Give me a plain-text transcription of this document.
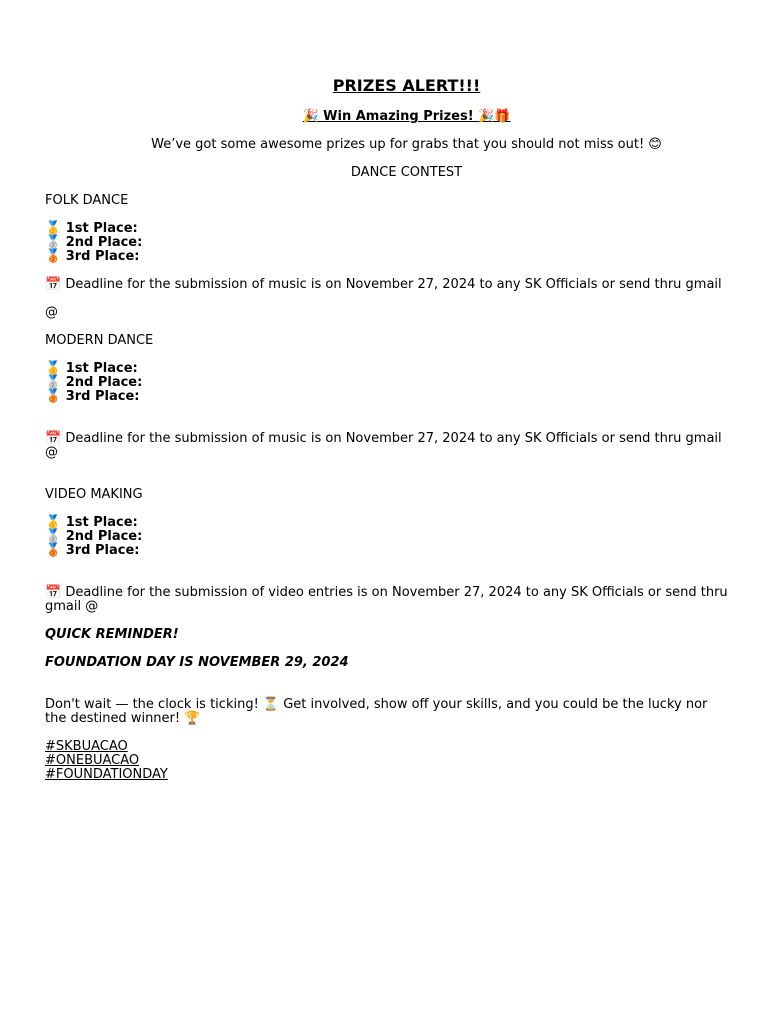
PRIZES ALERT!!!
🎉 Win Amazing Prizes! 🎉🎁
We’ve got some awesome prizes up for grabs that you should not miss out! 😊
DANCE CONTEST
FOLK DANCE
🥇 1st Place:
🥈 2nd Place:
🥉 3rd Place:
📅 Deadline for the submission of music is on November 27, 2024 to any SK Officials or send thru gmail
@
MODERN DANCE
🥇 1st Place:
🥈 2nd Place:
🥉 3rd Place:
📅 Deadline for the submission of music is on November 27, 2024 to any SK Officials or send thru gmail
@
VIDEO MAKING
🥇 1st Place:
🥈 2nd Place:
🥉 3rd Place:
📅 Deadline for the submission of video entries is on November 27, 2024 to any SK Officials or send thru
gmail @
QUICK REMINDER!
FOUNDATION DAY IS NOVEMBER 29, 2024
Don't wait — the clock is ticking! ⏳ Get involved, show off your skills, and you could be the lucky nor
the destined winner! 🏆
#SKBUACAO
#ONEBUACAO
#FOUNDATIONDAY
